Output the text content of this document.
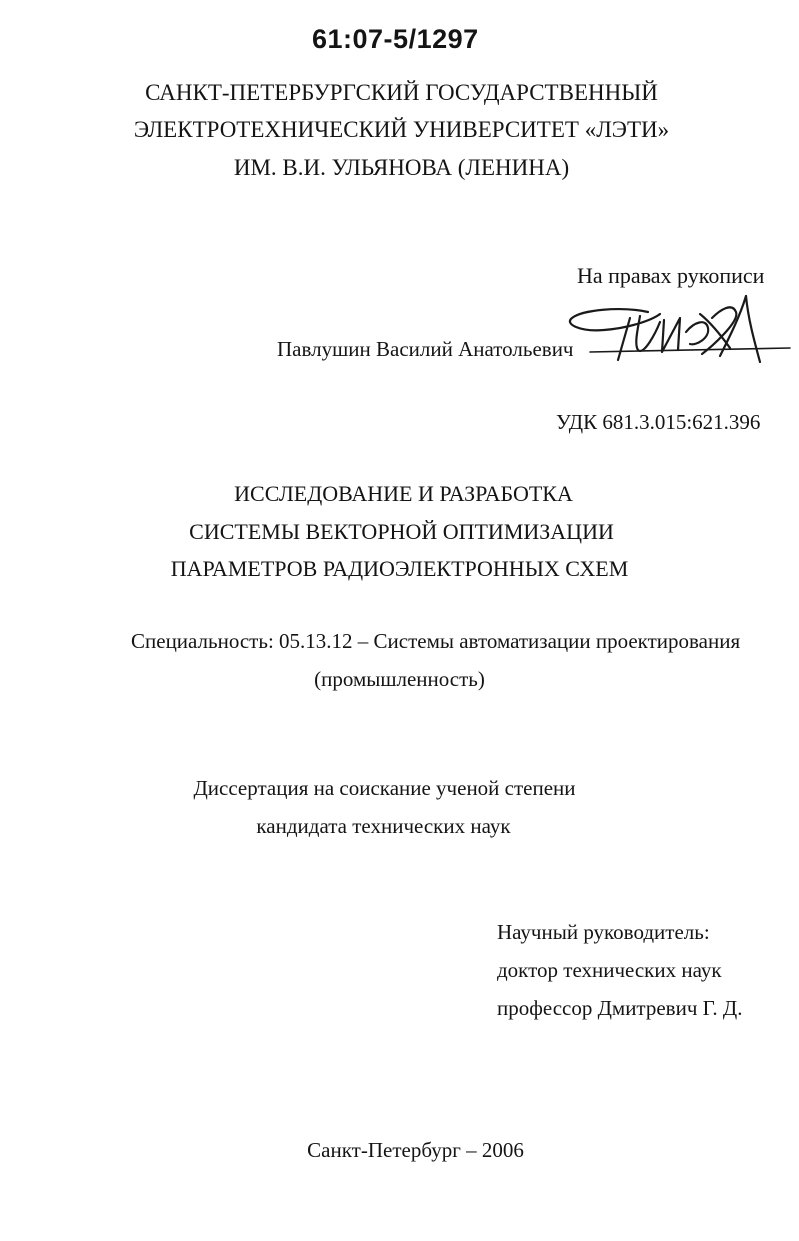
61:07-5/1297
САНКТ-ПЕТЕРБУРГСКИЙ ГОСУДАРСТВЕННЫЙ
ЭЛЕКТРОТЕХНИЧЕСКИЙ УНИВЕРСИТЕТ «ЛЭТИ»
ИМ. В.И. УЛЬЯНОВА (ЛЕНИНА)
На правах рукописи
Павлушин Василий Анатольевич
УДК 681.3.015:621.396
ИССЛЕДОВАНИЕ И РАЗРАБОТКА
СИСТЕМЫ ВЕКТОРНОЙ ОПТИМИЗАЦИИ
ПАРАМЕТРОВ РАДИОЭЛЕКТРОННЫХ СХЕМ
Специальность: 05.13.12 – Системы автоматизации проектирования
(промышленность)
Диссертация на соискание ученой степени
кандидата технических наук
Научный руководитель:
доктор технических наук
профессор Дмитревич Г. Д.
Санкт-Петербург – 2006
